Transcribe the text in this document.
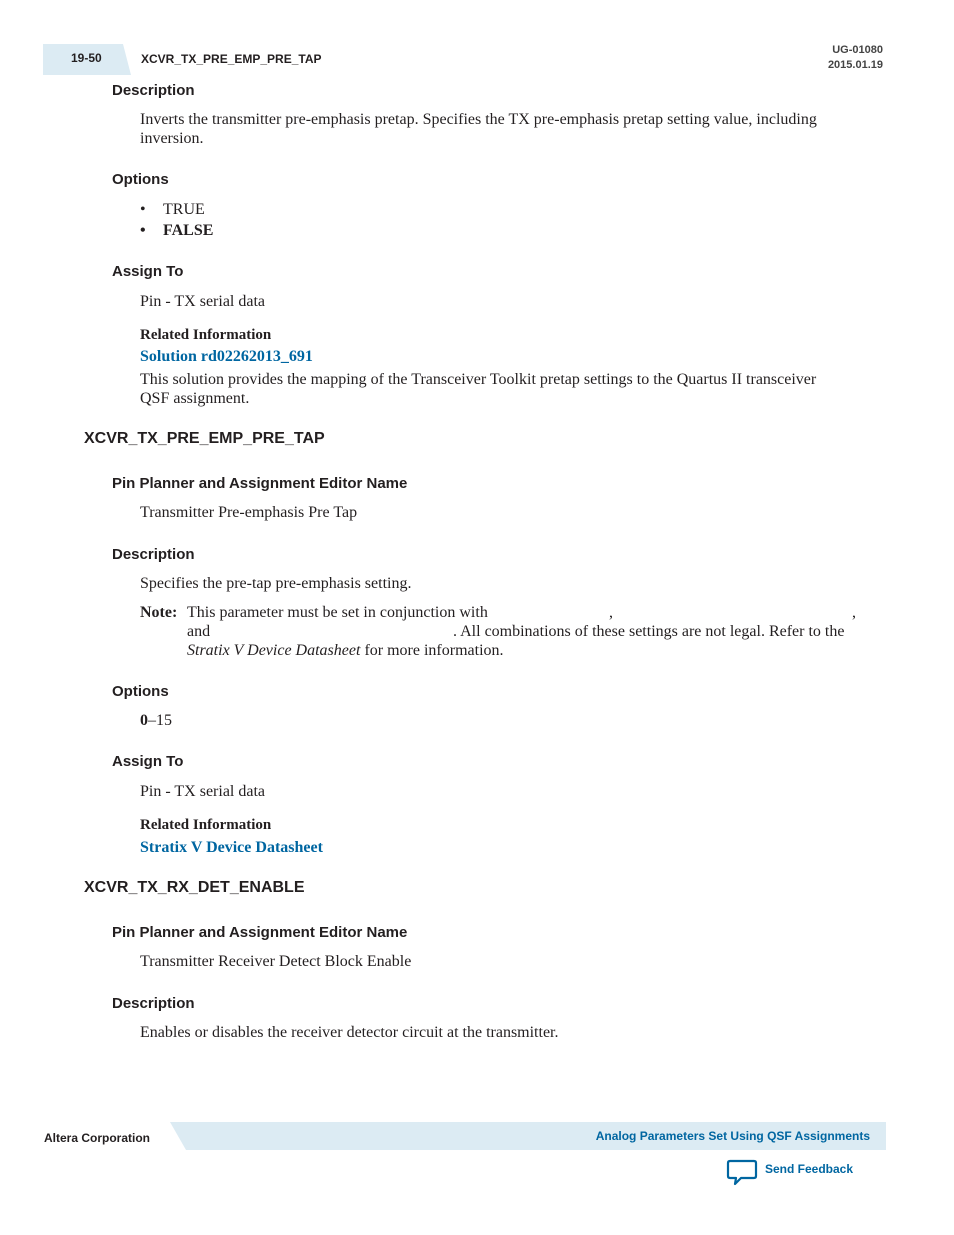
19-50	XCVR_TX_PRE_EMP_PRE_TAP
UG-01080
2015.01.19
Description
Inverts the transmitter pre-emphasis pretap. Specifies the TX pre-emphasis pretap setting value, including inversion.
Options
• TRUE
• FALSE
Assign To
Pin - TX serial data
Related Information
Solution rd02262013_691
This solution provides the mapping of the Transceiver Toolkit pretap settings to the Quartus II transceiver QSF assignment.
XCVR_TX_PRE_EMP_PRE_TAP
Pin Planner and Assignment Editor Name
Transmitter Pre-emphasis Pre Tap
Description
Specifies the pre-tap pre-emphasis setting.
Note: This parameter must be set in conjunction with	,	,
and	. All combinations of these settings are not legal. Refer to the
Stratix V Device Datasheet for more information.
Options
0–15
Assign To
Pin - TX serial data
Related Information
Stratix V Device Datasheet
XCVR_TX_RX_DET_ENABLE
Pin Planner and Assignment Editor Name
Transmitter Receiver Detect Block Enable
Description
Enables or disables the receiver detector circuit at the transmitter.
Altera Corporation	Analog Parameters Set Using QSF Assignments
Send Feedback
